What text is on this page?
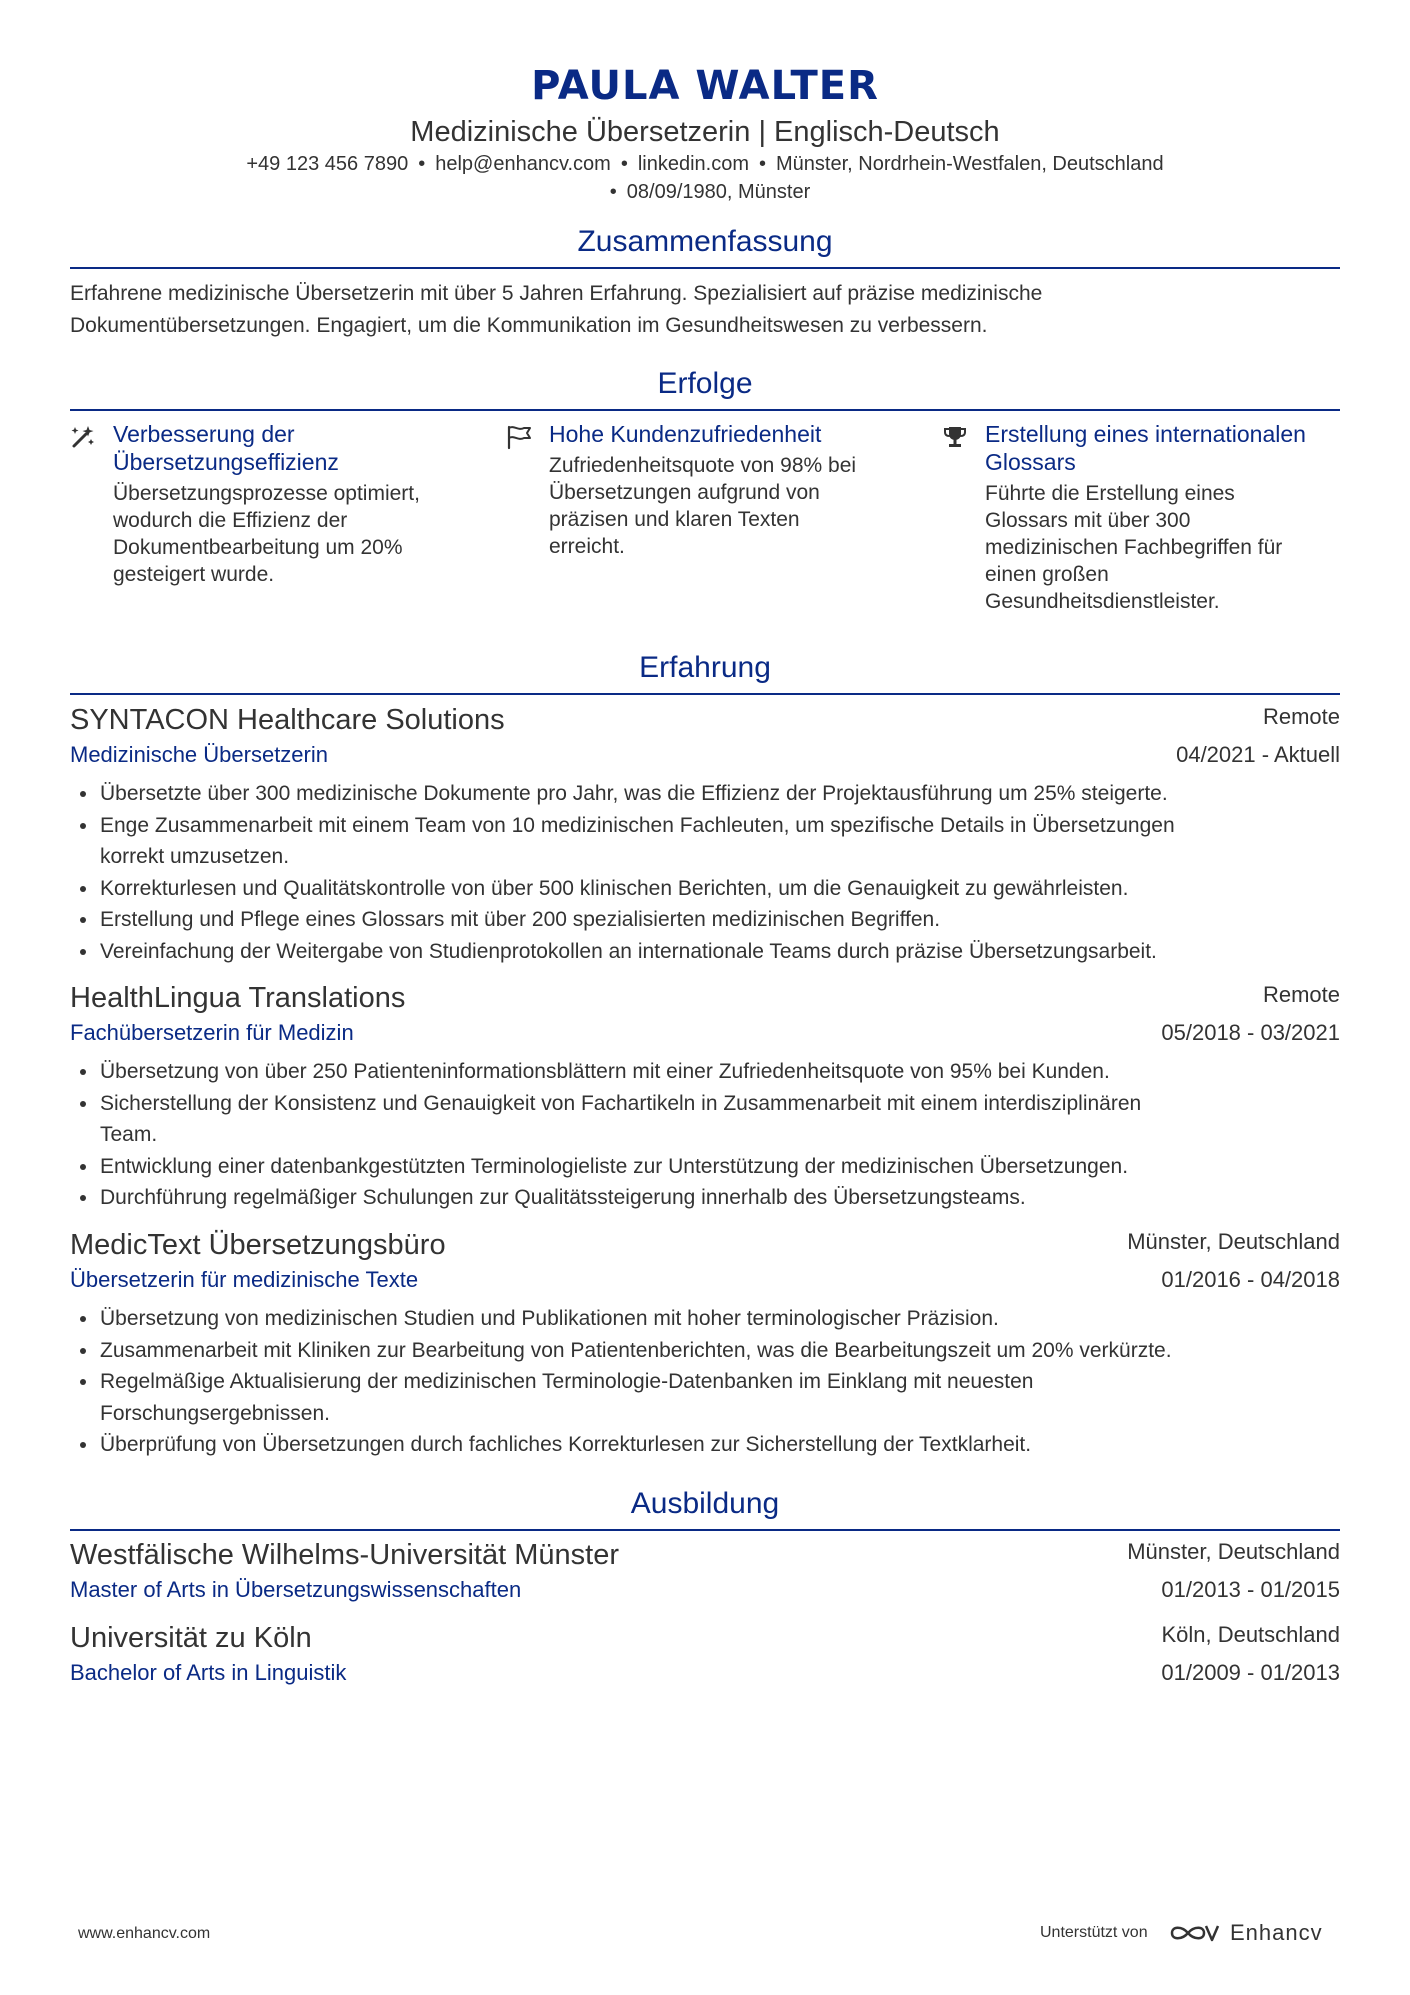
PAULA WALTER
Medizinische Übersetzerin | Englisch-Deutsch
+49 123 456 7890 • help@enhancv.com • linkedin.com • Münster, Nordrhein-Westfalen, Deutschland
• 08/09/1980, Münster
Zusammenfassung
Erfahrene medizinische Übersetzerin mit über 5 Jahren Erfahrung. Spezialisiert auf präzise medizinische
Dokumentübersetzungen. Engagiert, um die Kommunikation im Gesundheitswesen zu verbessern.
Erfolge
Verbesserung der
Übersetzungseffizienz
Übersetzungsprozesse optimiert,
wodurch die Effizienz der
Dokumentbearbeitung um 20%
gesteigert wurde.
Hohe Kundenzufriedenheit
Zufriedenheitsquote von 98% bei
Übersetzungen aufgrund von
präzisen und klaren Texten
erreicht.
Erstellung eines internationalen
Glossars
Führte die Erstellung eines
Glossars mit über 300
medizinischen Fachbegriffen für
einen großen
Gesundheitsdienstleister.
Erfahrung
SYNTACON Healthcare Solutions	Remote
Medizinische Übersetzerin	04/2021 - Aktuell
Übersetzte über 300 medizinische Dokumente pro Jahr, was die Effizienz der Projektausführung um 25% steigerte.
Enge Zusammenarbeit mit einem Team von 10 medizinischen Fachleuten, um spezifische Details in Übersetzungen
korrekt umzusetzen.
Korrekturlesen und Qualitätskontrolle von über 500 klinischen Berichten, um die Genauigkeit zu gewährleisten.
Erstellung und Pflege eines Glossars mit über 200 spezialisierten medizinischen Begriffen.
Vereinfachung der Weitergabe von Studienprotokollen an internationale Teams durch präzise Übersetzungsarbeit.
HealthLingua Translations	Remote
Fachübersetzerin für Medizin	05/2018 - 03/2021
Übersetzung von über 250 Patienteninformationsblättern mit einer Zufriedenheitsquote von 95% bei Kunden.
Sicherstellung der Konsistenz und Genauigkeit von Fachartikeln in Zusammenarbeit mit einem interdisziplinären
Team.
Entwicklung einer datenbankgestützten Terminologieliste zur Unterstützung der medizinischen Übersetzungen.
Durchführung regelmäßiger Schulungen zur Qualitätssteigerung innerhalb des Übersetzungsteams.
MedicText Übersetzungsbüro	Münster, Deutschland
Übersetzerin für medizinische Texte	01/2016 - 04/2018
Übersetzung von medizinischen Studien und Publikationen mit hoher terminologischer Präzision.
Zusammenarbeit mit Kliniken zur Bearbeitung von Patientenberichten, was die Bearbeitungszeit um 20% verkürzte.
Regelmäßige Aktualisierung der medizinischen Terminologie-Datenbanken im Einklang mit neuesten
Forschungsergebnissen.
Überprüfung von Übersetzungen durch fachliches Korrekturlesen zur Sicherstellung der Textklarheit.
Ausbildung
Westfälische Wilhelms-Universität Münster	Münster, Deutschland
Master of Arts in Übersetzungswissenschaften	01/2013 - 01/2015
Universität zu Köln	Köln, Deutschland
Bachelor of Arts in Linguistik	01/2009 - 01/2013
www.enhancv.com	Unterstützt von	Enhancv
